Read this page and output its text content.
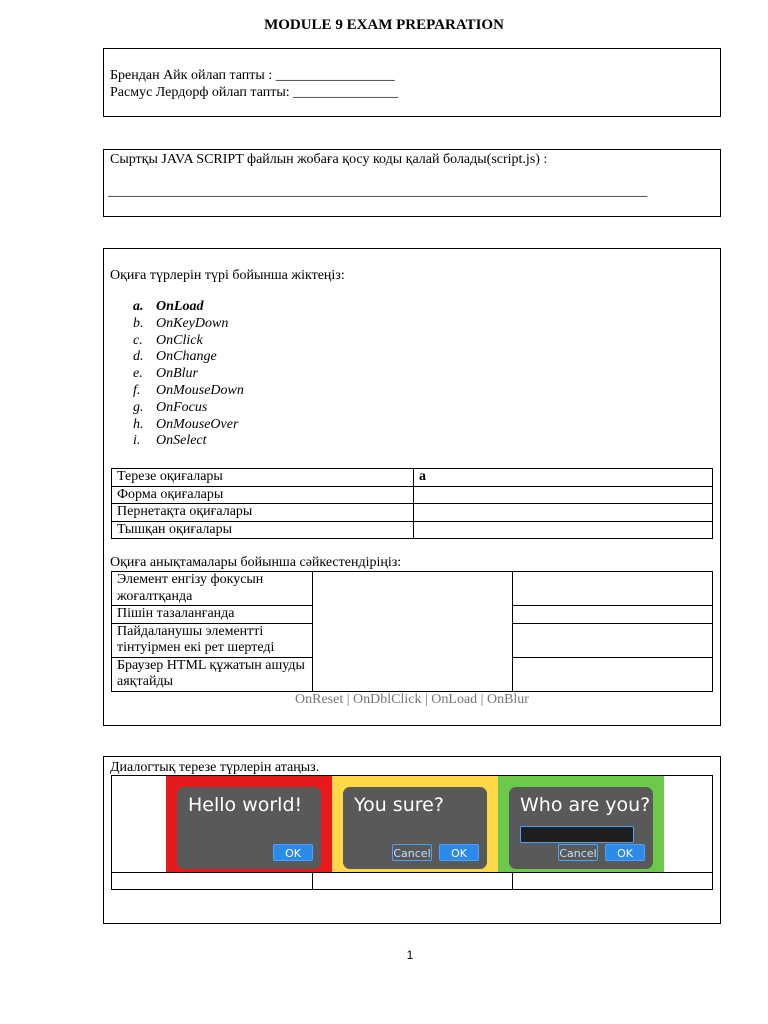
MODULE 9 EXAM PREPARATION
Брендан Айк ойлап тапты : _________________
Расмус Лердорф ойлап тапты: _______________
Сыртқы JAVA SCRIPT файлын жобаға қосу коды қалай болады(script.js) :
_____________________________________________________________________________
Оқиға түрлерін түрі бойынша жіктеңіз:
a. OnLoad
b. OnKeyDown
c. OnClick
d. OnChange
e. OnBlur
f.	OnMouseDown
g. OnFocus
h. OnMouseOver
i.	OnSelect
Терезе оқиғалары	a
Форма оқиғалары	
Пернетақта оқиғалары	
Тышқан оқиғалары	
Оқиға анықтамалары бойынша сәйкестендіріңіз:
Элемент енгізу фокусын жоғалтқанда		
Пішін тазаланғанда		
Пайдаланушы элементті тінтуірмен екі рет шертеді		
Браузер HTML құжатын ашуды аяқтайды		
OnReset | OnDblClick | OnLoad | OnBlur
Диалогтық терезе түрлерін атаңыз.
Hello world!
OK
You sure?
Cancel	OK
Who are you?
Cancel	OK
1
